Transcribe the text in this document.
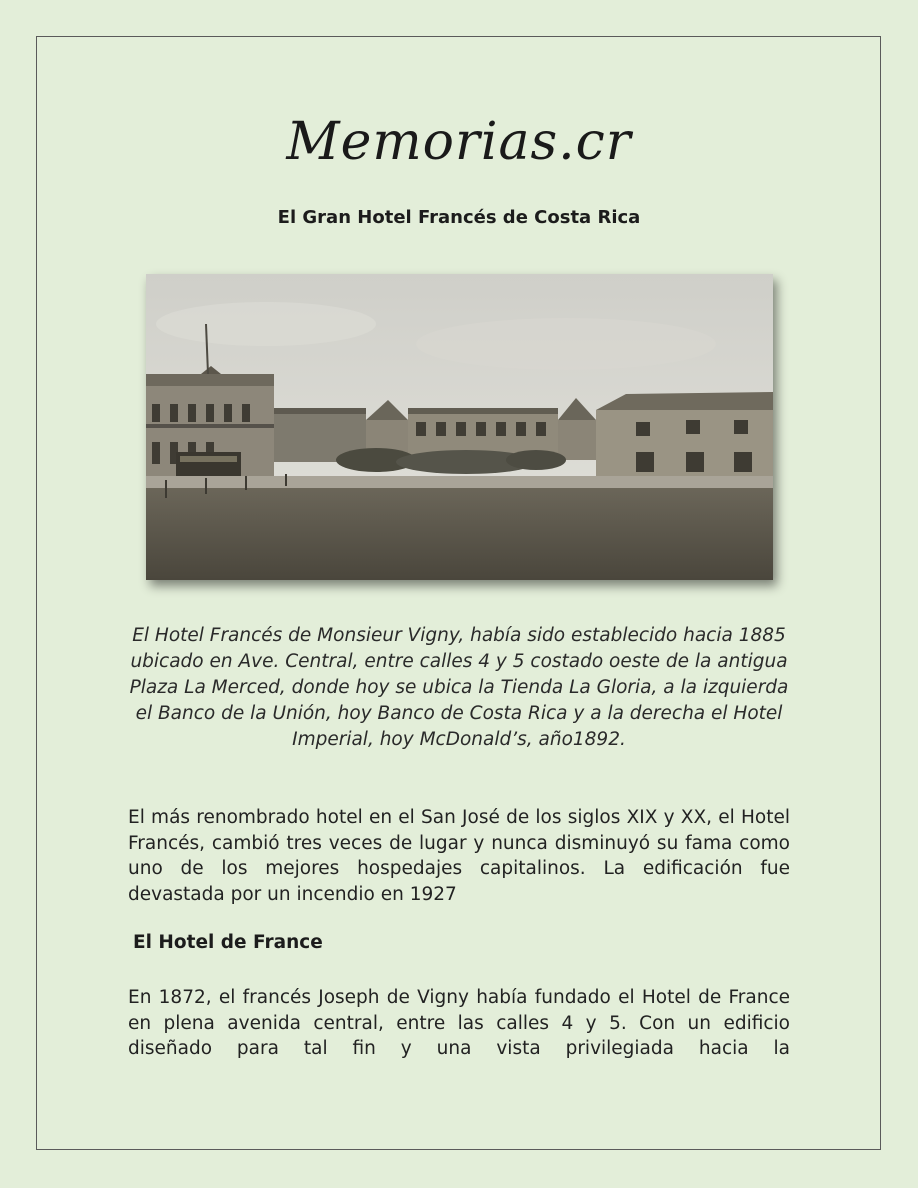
Memorias.cr
El Gran Hotel Francés de Costa Rica
El Hotel Francés de Monsieur Vigny, había sido establecido hacia 1885 ubicado en Ave. Central, entre calles 4 y 5 costado oeste de la antigua Plaza La Merced, donde hoy se ubica la Tienda La Gloria, a la izquierda el Banco de la Unión, hoy Banco de Costa Rica y a la derecha el Hotel Imperial, hoy McDonald’s, año1892.
El más renombrado hotel en el San José de los siglos XIX y XX, el Hotel Francés, cambió tres veces de lugar y nunca disminuyó su fama como uno de los mejores hospedajes capitalinos. La edificación fue devastada por un incendio en 1927
El Hotel de France
En 1872, el francés Joseph de Vigny había fundado el Hotel de France en plena avenida central, entre las calles 4 y 5. Con un edificio diseñado para tal fin y una vista privilegiada hacia la
